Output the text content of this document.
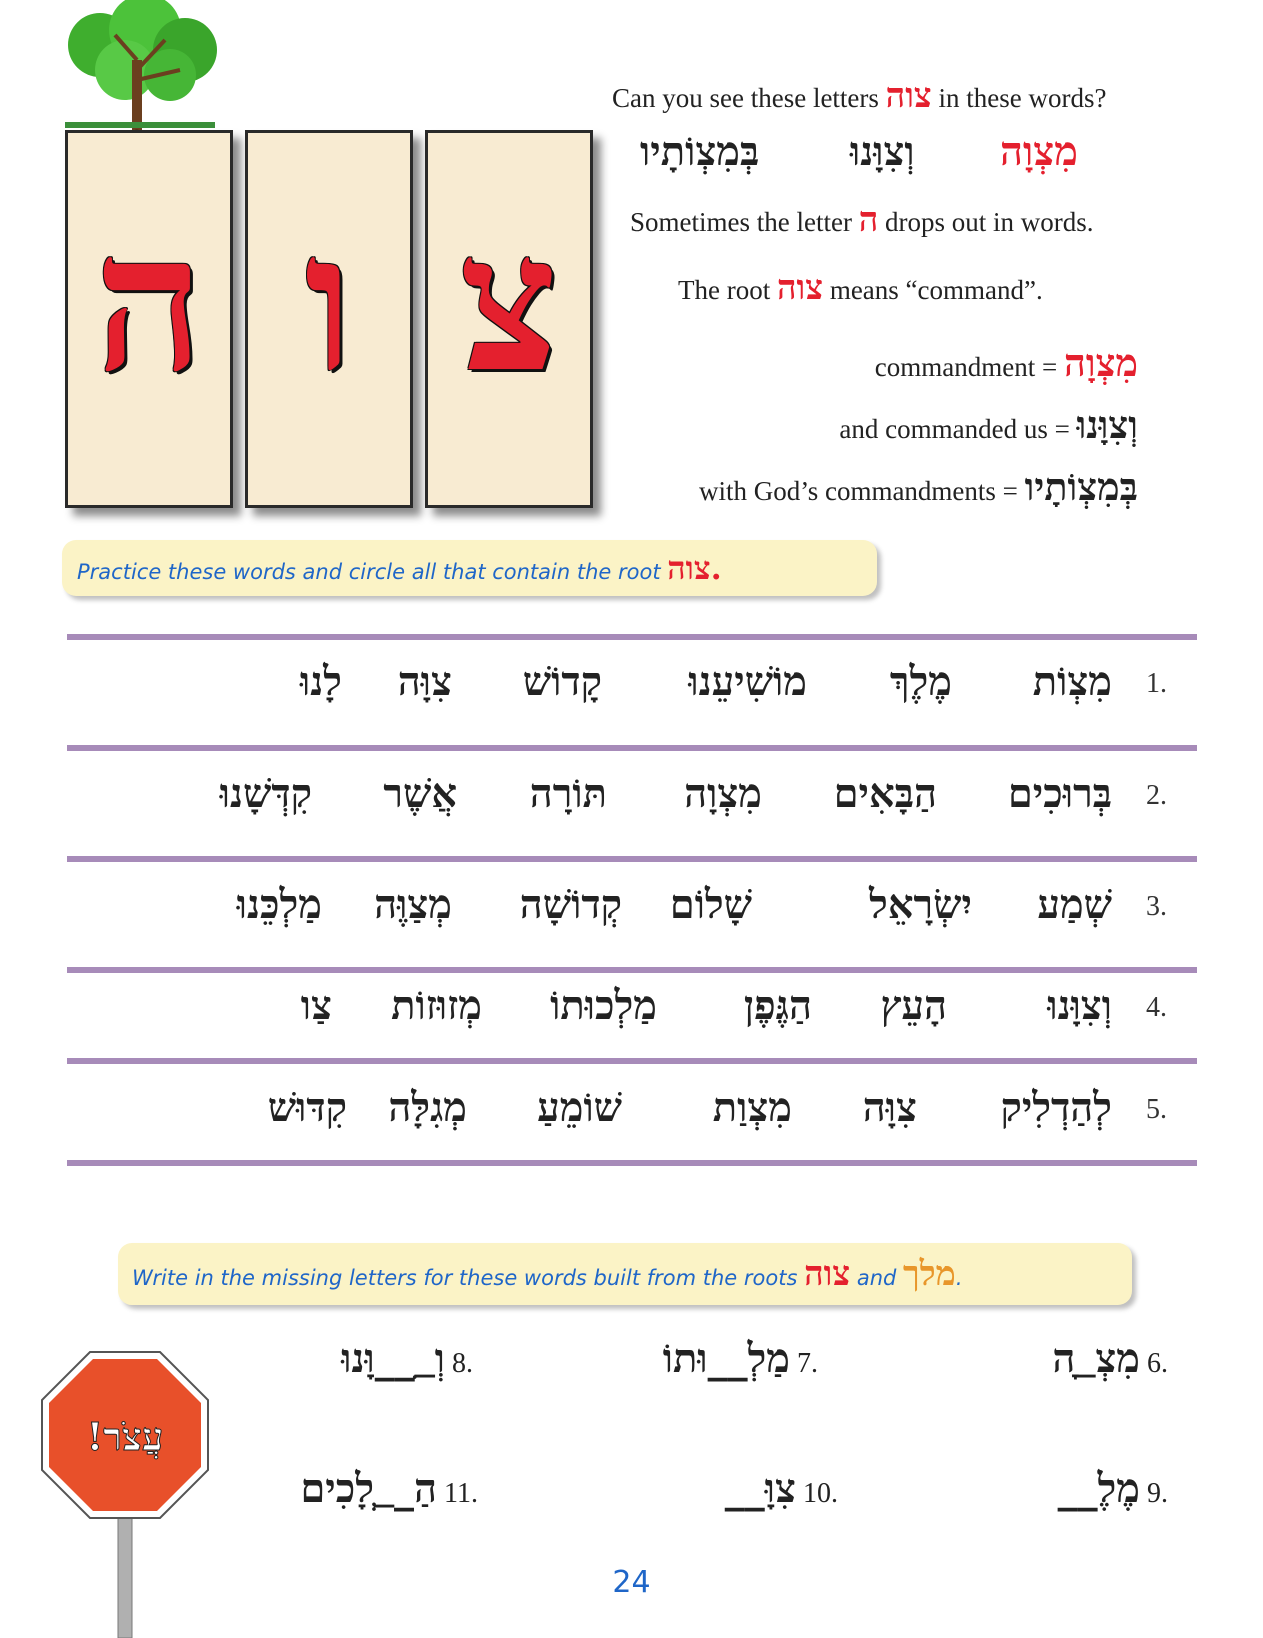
ה ו צ
Can you see these letters צוה in these words?
מִצְוָה
וְצִוָּנוּ
בְּמִצְוֹתָיו
Sometimes the letter ה drops out in words.
The root צוה means “command”.
commandment = מִצְוָה
and commanded us = וְצִוָּנוּ
with God’s commandments = בְּמִצְוֹתָיו
Practice these words and circle all that contain the root צוה.
1.
מִצְוֹת
מֶלֶךְ
מוֹשִׁיעֵנוּ
קָדוֹשׁ
צִוָּה
לָנוּ
2.
בְּרוּכִים
הַבָּאִים
מִצְוָה
תּוֹרָה
אֲשֶׁר
קִדְּשָׁנוּ
3.
שְׁמַע
יִשְׂרָאֵל
שָׁלוֹם
קְדוֹשָׁה
מְצַוֶּה
מַלְכֵּנוּ
4.
וְצִוָּנוּ
הָעֵץ
הַגֶּפֶן
מַלְכוּתוֹ
מְזוּזוֹת
צַו
5.
לְהַדְלִיק
צִוָּה
מִצְוַת
שׁוֹמֵעַ
מְגִלָּה
קִדּוּשׁ
Write in the missing letters for these words built from the roots צוה and מלך.
מִצְ_ָה 6.
מַלְ__וּתוֹ 7.
וְ_ִ__וָּנוּ 8.
מֶלֶ__ 9.
צִוָּ__ 10.
הַ__ְלָכִים 11.
עֲצֹר!
24
